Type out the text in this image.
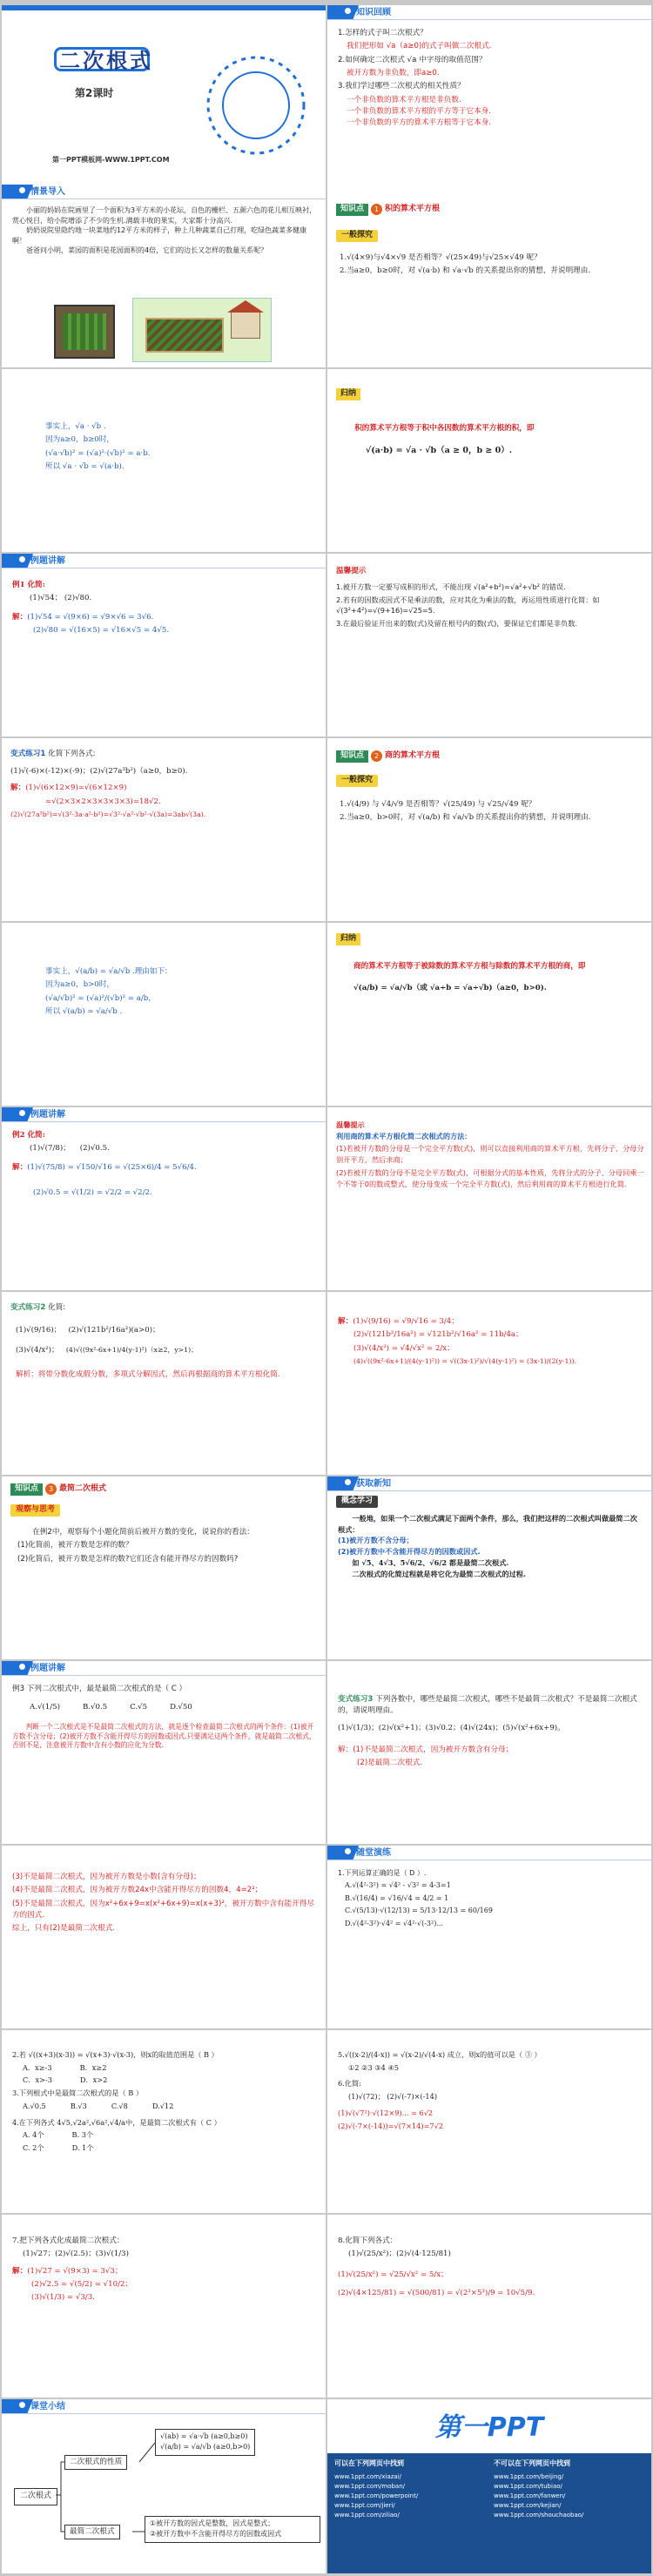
二次根式
第2课时
第一PPT模板网-WWW.1PPT.COM
知识回顾
1.怎样的式子叫二次根式？
我们把形如 √a（a≥0)的式子叫做二次根式.
2.如何确定二次根式 √a 中字母的取值范围？
被开方数为非负数，即a≥0.
3.我们学过哪些二次根式的相关性质？
一个非负数的算术平方根是非负数.
一个非负数的算术平方根的平方等于它本身.
一个非负数的平方的算术平方根等于它本身.
情景导入
小丽的妈妈在院画里了一个面积为3平方米的小花坛，自色的栅栏、五颜六色的花儿相互映衬，赏心悦目，给小院增添了不少的生机.满载丰收的果实，大家都十分高兴.
奶奶说院里隐约地一块菜地约12平方米的样子，种上几种蔬菜自己打理，吃绿色蔬菜多健康啊！
爸爸问小明，菜园的面积是花园面积的4倍，它们的边长又怎样的数量关系呢？
知识点	1 积的算术平方根
一般探究
1.√(4×9)与√4×√9 是否相等？√(25×49)与√25×√49 呢？
2.当a≥0，b≥0时，对 √(a·b) 和 √a·√b 的关系提出你的猜想，并说明理由.
事实上，√a · √b .
因为a≥0，b≥0时，
(√a·√b)² = (√a)²·(√b)² = a·b.
所以 √a · √b = √(a·b).
归纳
积的算术平方根等于积中各因数的算术平方根的积，即
√(a·b) = √a · √b（a ≥ 0，b ≥ 0）.
例题讲解
例1 化简:
(1)√54； (2)√80.
解：(1)√54 = √(9×6) = √9×√6 = 3√6.
(2)√80 = √(16×5) = √16×√5 = 4√5.
温馨提示
1.被开方数一定要写成积的形式，不能出现 √(a²+b²)=√a²+√b² 的错误.
2.若有的因数或因式不是乘法的数，应对其化为乘法的数，再运用性质进行化简：如 √(3²+4²)=√(9+16)=√25=5.
3.在最后验证开出来的数(式)及留在根号内的数(式)，要保证它们都是非负数.
变式练习1 化简下列各式:
(1)√(-6)×(-12)×(-9)；(2)√(27a³b²)（a≥0，b≥0).
解：(1)√(6×12×9)=√(6×12×9)
=√(2×3×2×3×3×3×3)=18√2.
(2)√(27a³b²)=√(3²·3a·a²·b²)=√3²·√a²·√b²·√(3a)=3ab√(3a).
知识点	2 商的算术平方根
一般探究
1.√(4/9) 与 √4/√9 是否相等？√(25/49) 与 √25/√49 呢？
2.当a≥0，b>0时，对 √(a/b) 和 √a/√b 的关系提出你的猜想，并说明理由.
事实上，√(a/b) = √a/√b .理由如下：
因为a≥0，b>0时，
(√a/√b)² = (√a)²/(√b)² = a/b，
所以 √(a/b) = √a/√b .
归纳
商的算术平方根等于被除数的算术平方根与除数的算术平方根的商，即
√(a/b) = √a/√b（或 √a÷b = √a÷√b)（a≥0，b>0).
例题讲解
例2 化简:
(1)√(7/8)； (2)√0.5.
解：(1)√(75/8) = √150/√16 = √(25×6)/4 = 5√6/4.
(2)√0.5 = √(1/2) = √2/2 = √2/2.
温馨提示
利用商的算术平方根化简二次根式的方法：
(1)若被开方数的分母是一个完全平方数(式)，则可以直接利用商的算术平方根，先将分子、分母分别开平方，然后求商；
(2)若被开方数的分母不是完全平方数(式)，可根据分式的基本性质，先将分式的分子、分母同乘一个不等于0的数或整式，使分母变成一个完全平方数(式)，然后利用商的算术平方根进行化简.
变式练习2 化简:
(1)√(9/16)； (2)√(121b²/16a²)(a>0)；
(3)√(4/x²)； (4)√((9x²-6x+1)/4(y-1)²)（x≥2，y>1)；
解析：将带分数化成假分数，多项式分解因式，然后再根据商的算术平方根化简.
解：(1)√(9/16) = √9/√16 = 3/4；
(2)√(121b²/16a²) = √121b²/√16a² = 11b/4a；
(3)√(4/x²) = √4/√x² = 2/x；
(4)√((9x²-6x+1)/(4(y-1)²)) = √((3x-1)²)/√(4(y-1)²) = (3x-1)/(2(y-1)).
知识点	3 最简二次根式
观察与思考
在例2中，观察每个小题化简前后被开方数的变化，说说你的看法：
(1)化简前，被开方数是怎样的数？
(2)化简后，被开方数是怎样的数?它们还含有能开得尽方的因数吗?
获取新知
概念学习
一般地，如果一个二次根式满足下面两个条件，那么，我们把这样的二次根式叫做最简二次根式：
(1)被开方数不含分母；
(2)被开方数中不含能开得尽方的因数或因式.
如 √5、4√3、5√6/2、√6/2 都是最简二次根式.
二次根式的化简过程就是将它化为最简二次根式的过程.
例题讲解
例3 下列二次根式中，最是最简二次根式的是（ C ）
A.√(1/5)	B.√0.5	C.√5	D.√50
判断一个二次根式是不是最简二次根式的方法，就是逐个检查最简二次根式的两个条件：(1)被开方数不含分母；(2)被开方数不含能开得尽方的因数或因式.只要满足这两个条件，就是最简二次根式，否则不是，注意被开方数中含有小数的应化为分数.
变式练习3 下列各数中，哪些是最简二次根式，哪些不是最简二次根式？不是最简二次根式的，请说明理由。
(1)√(1/3)；(2)√(x²+1)；(3)√0.2；(4)√(24x)；(5)√(x²+6x+9)。
解：(1)不是最简二次根式，因为被开方数含有分母；
(2)是最简二次根式.
(3)不是最简二次根式，因为被开方数是小数(含有分母)；
(4)不是最简二次根式，因为被开方数24x中含能开得尽方的因数4，4=2²；
(5)不是最简二次根式，因为x²+6x+9=x(x²+6x+9)=x(x+3)²，被开方数中含有能开得尽方的因式.
综上，只有(2)是最简二次根式.
随堂演练
1.下列运算正确的是（ D ）.
A.√(4²-3²) = √4² - √3² = 4-3=1
B.√(16/4) = √16/√4 = 4/2 = 1
C.√(5/13)·√(12/13) = 5/13·12/13 = 60/169
D.√(4²-3²)·√4² = √4²·√(-3²)...
2.若 √((x+3)(x-3)) = √(x+3)·√(x-3)，则x的取值范围是（ B ）
A．x≥-3	B．x≥2
C．x>-3	D．x>2
3.下列根式中是最简二次根式的是（ B ）
A.√0.5	B.√3	C.√8	D.√12
4.在下列各式 4√5,√2a²,√6a²,√4/a中，是最简二次根式有（ C ）
A. 4个	B. 3个
C. 2个	D. 1个
5.√((x-2)/(4-x)) = √(x-2)/√(4-x) 成立，则x的值可以是（ ③ ）
①2 ②3 ③4 ④5
6.化简:
(1)√(72)； (2)√(-7)×(-14)
(1)√(√7²)·√(12×9)... = 6√2
(2)√(-7×(-14))=√(7×14)=7√2
7.把下列各式化成最简二次根式：
(1)√27；(2)√(2.5)；(3)√(1/3)
解：(1)√27 = √(9×3) = 3√3；
(2)√2.5 = √(5/2) = √10/2；
(3)√(1/3) = √3/3.
8.化简下列各式：
(1)√(25/x²)；(2)√(4·125/81)
(1)√(25/x²) = √25/√x² = 5/x；
(2)√(4×125/81) = √(500/81) = √(2²×5³)/9 = 10√5/9.
课堂小结
二次根式
二次根式的性质
最简二次根式
√(ab) = √a·√b (a≥0,b≥0)
√(a/b) = √a/√b (a≥0,b>0)
①被开方数的因式是整数，因式是整式；
②被开方数中不含能开得尽方的因数或因式
第一PPT
可以在下列网页中找到
www.1ppt.com/xiazai/
www.1ppt.com/moban/
www.1ppt.com/powerpoint/
www.1ppt.com/jieri/
www.1ppt.com/ziliao/
不可以在下列网页中找到
www.1ppt.com/beijing/
www.1ppt.com/tubiao/
www.1ppt.com/fanwen/
www.1ppt.com/kejian/
www.1ppt.com/shouchaobao/
